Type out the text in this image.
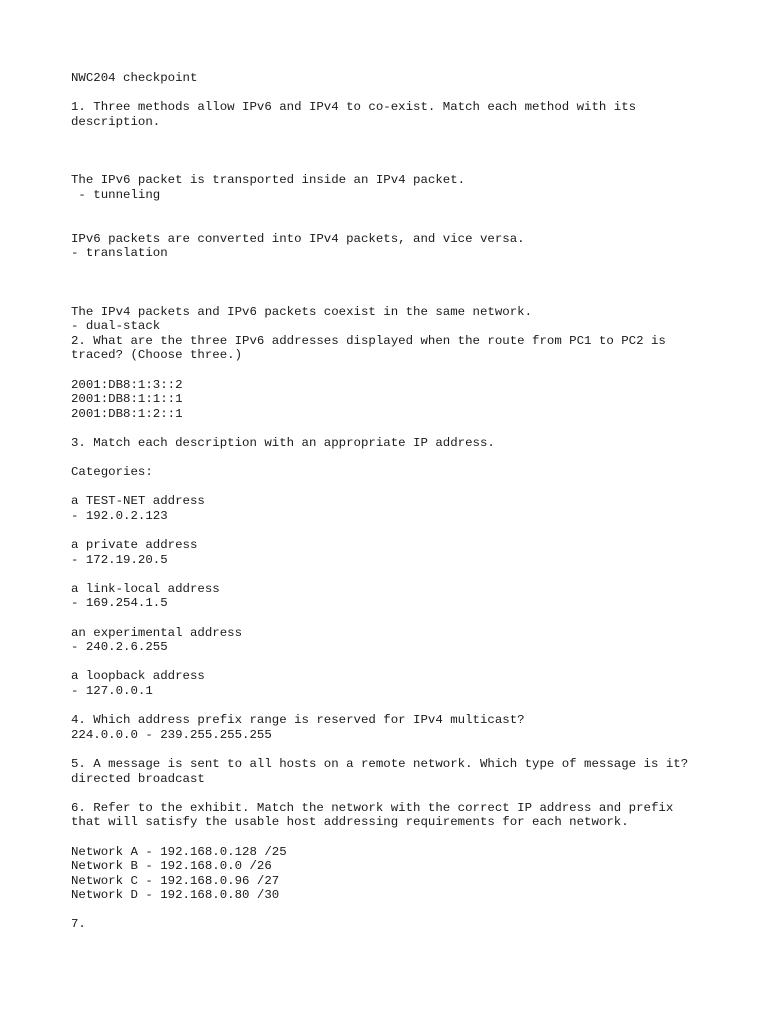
NWC204 checkpoint
1. Three methods allow IPv6 and IPv4 to co-exist. Match each method with its
description.
The IPv6 packet is transported inside an IPv4 packet.
- tunneling
IPv6 packets are converted into IPv4 packets, and vice versa.
- translation
The IPv4 packets and IPv6 packets coexist in the same network.
- dual-stack
2. What are the three IPv6 addresses displayed when the route from PC1 to PC2 is
traced? (Choose three.)
2001:DB8:1:3::2
2001:DB8:1:1::1
2001:DB8:1:2::1
3. Match each description with an appropriate IP address.
Categories:
a TEST-NET address
- 192.0.2.123
a private address
- 172.19.20.5
a link-local address
- 169.254.1.5
an experimental address
- 240.2.6.255
a loopback address
- 127.0.0.1
4. Which address prefix range is reserved for IPv4 multicast?
224.0.0.0 - 239.255.255.255
5. A message is sent to all hosts on a remote network. Which type of message is it?
directed broadcast
6. Refer to the exhibit. Match the network with the correct IP address and prefix
that will satisfy the usable host addressing requirements for each network.
Network A - 192.168.0.128 /25
Network B - 192.168.0.0 /26
Network C - 192.168.0.96 /27
Network D - 192.168.0.80 /30
7.
